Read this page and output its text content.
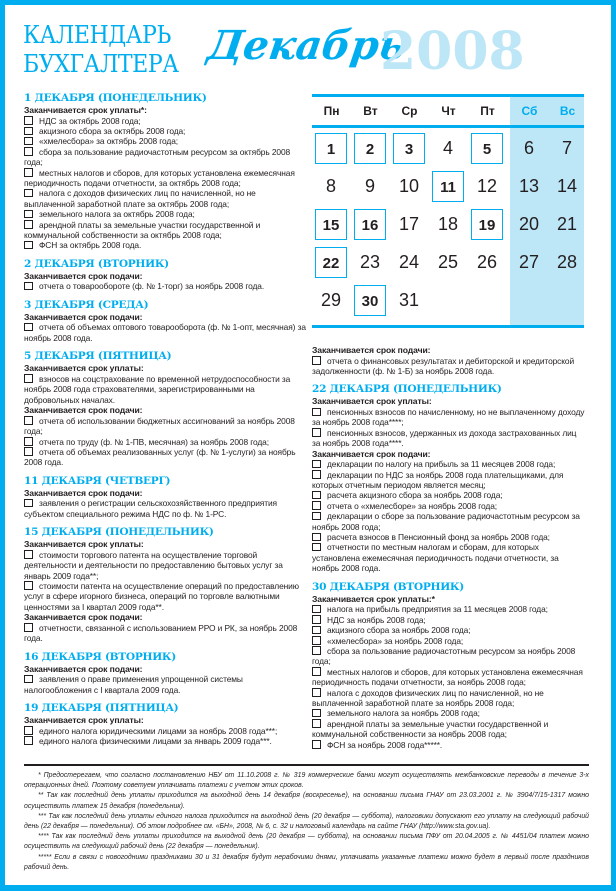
КАЛЕНДАРЬ
БУХГАЛТЕРА Декабрь
2008
Пн	Вт	Ср	Чт	Пт	Сб	Вс
1	2	3	4	5	6	7
8	9	10	11	12	13 14
15	16	17	18	19	20 21
22	23	24	25	26	27 28
29	30	31
1 ДЕКАБРЯ (ПОНЕДЕЛЬНИК)
Заканчивается срок уплаты*:
НДС за октябрь 2008 года;
акцизного сбора за октябрь 2008 года;
«хмелесбора» за октябрь 2008 года;
сбора за пользование радиочастотным ресурсом за октябрь 2008 года;
местных налогов и сборов, для которых установлена ежемесячная периодичность подачи отчетности, за октябрь 2008 года;
налога с доходов физических лиц по начисленной, но не выплаченной заработной плате за октябрь 2008 года;
земельного налога за октябрь 2008 года;
арендной платы за земельные участки государственной и коммунальной собственности за октябрь 2008 года;
ФСН за октябрь 2008 года.
2 ДЕКАБРЯ (ВТОРНИК)
Заканчивается срок подачи:
отчета о товарообороте (ф. № 1-торг) за ноябрь 2008 года.
3 ДЕКАБРЯ (СРЕДА)
Заканчивается срок подачи:
отчета об объемах оптового товарооборота (ф. № 1-опт, месячная) за ноябрь 2008 года.
5 ДЕКАБРЯ (ПЯТНИЦА)
Заканчивается срок уплаты:
взносов на соцстрахование по временной нетрудоспособности за ноябрь 2008 года страхователями, зарегистрированными на добровольных началах.
Заканчивается срок подачи:
отчета об использовании бюджетных ассигнований за ноябрь 2008 года;
отчета по труду (ф. № 1-ПВ, месячная) за ноябрь 2008 года;
отчета об объемах реализованных услуг (ф. № 1-услуги) за ноябрь 2008 года.
11 ДЕКАБРЯ (ЧЕТВЕРГ)
Заканчивается срок подачи:
заявления о регистрации сельскохозяйственного предприятия субъектом специального режима НДС по ф. № 1-РС.
15 ДЕКАБРЯ (ПОНЕДЕЛЬНИК)
Заканчивается срок уплаты:
стоимости торгового патента на осуществление торговой деятельности и деятельности по предоставлению бытовых услуг за январь 2009 года**;
стоимости патента на осуществление операций по предоставлению услуг в сфере игорного бизнеса, операций по торговле валютными ценностями за I квартал 2009 года**.
Заканчивается срок подачи:
отчетности, связанной с использованием РРО и РК, за ноябрь 2008 года.
16 ДЕКАБРЯ (ВТОРНИК)
Заканчивается срок подачи:
заявления о праве применения упрощенной системы налогообложения с I квартала 2009 года.
19 ДЕКАБРЯ (ПЯТНИЦА)
Заканчивается срок уплаты:
единого налога юридическими лицами за ноябрь 2008 года***;
единого налога физическими лицами за январь 2009 года***.
Заканчивается срок подачи:
отчета о финансовых результатах и дебиторской и кредиторской задолженности (ф. № 1-Б) за ноябрь 2008 года.
22 ДЕКАБРЯ (ПОНЕДЕЛЬНИК)
Заканчивается срок уплаты:
пенсионных взносов по начисленному, но не выплаченному доходу за ноябрь 2008 года****;
пенсионных взносов, удержанных из дохода застрахованных лиц за ноябрь 2008 года****.
Заканчивается срок подачи:
декларации по налогу на прибыль за 11 месяцев 2008 года;
декларации по НДС за ноябрь 2008 года плательщиками, для которых отчетным периодом является месяц;
расчета акцизного сбора за ноябрь 2008 года;
отчета о «хмелесборе» за ноябрь 2008 года;
декларации о сборе за пользование радиочастотным ресурсом за ноябрь 2008 года;
расчета взносов в Пенсионный фонд за ноябрь 2008 года;
отчетности по местным налогам и сборам, для которых установлена ежемесячная периодичность подачи отчетности, за ноябрь 2008 года.
30 ДЕКАБРЯ (ВТОРНИК)
Заканчивается срок уплаты:*
налога на прибыль предприятия за 11 месяцев 2008 года;
НДС за ноябрь 2008 года;
акцизного сбора за ноябрь 2008 года;
«хмелесбора» за ноябрь 2008 года;
сбора за пользование радиочастотным ресурсом за ноябрь 2008 года;
местных налогов и сборов, для которых установлена ежемесячная периодичность подачи отчетности, за ноябрь 2008 года;
налога с доходов физических лиц по начисленной, но не выплаченной заработной плате за ноябрь 2008 года;
земельного налога за ноябрь 2008 года;
арендной платы за земельные участки государственной и коммунальной собственности за ноябрь 2008 года;
ФСН за ноябрь 2008 года*****.

* Предостерегаем, что согласно постановлению НБУ от 11.10.2008 г. № 319 коммерческие банки могут осуществлять межбанковские переводы в течение 3-х операционных дней. Поэтому советуем уплачивать платежи с учетом этих сроков.

** Так как последний день уплаты приходится на выходной день 14 декабря (воскресенье), на основании письма ГНАУ от 23.03.2001 г. № 3904/7/15-1317 можно осуществить платеж 15 декабря (понедельник).

*** Так как последний день уплаты единого налога приходится на выходной день (20 декабря — суббота), налоговики допускают его уплату на следующий рабочий день (22 декабря — понедельник). Об этом подробнее см. «БН», 2008, № 6, с. 32 и налоговый календарь на сайте ГНАУ (http://www.sta.gov.ua).

**** Так как последний день уплаты приходится на выходной день (20 декабря — суббота), на основании письма ПФУ от 20.04.2005 г. № 4451/04 платеж можно осуществить на следующий рабочий день (22 декабря — понедельник).

***** Если в связи с новогодними праздниками 30 и 31 декабря будут нерабочими днями, уплачивать указанные платежи можно будет в первый после праздников рабочий день.
